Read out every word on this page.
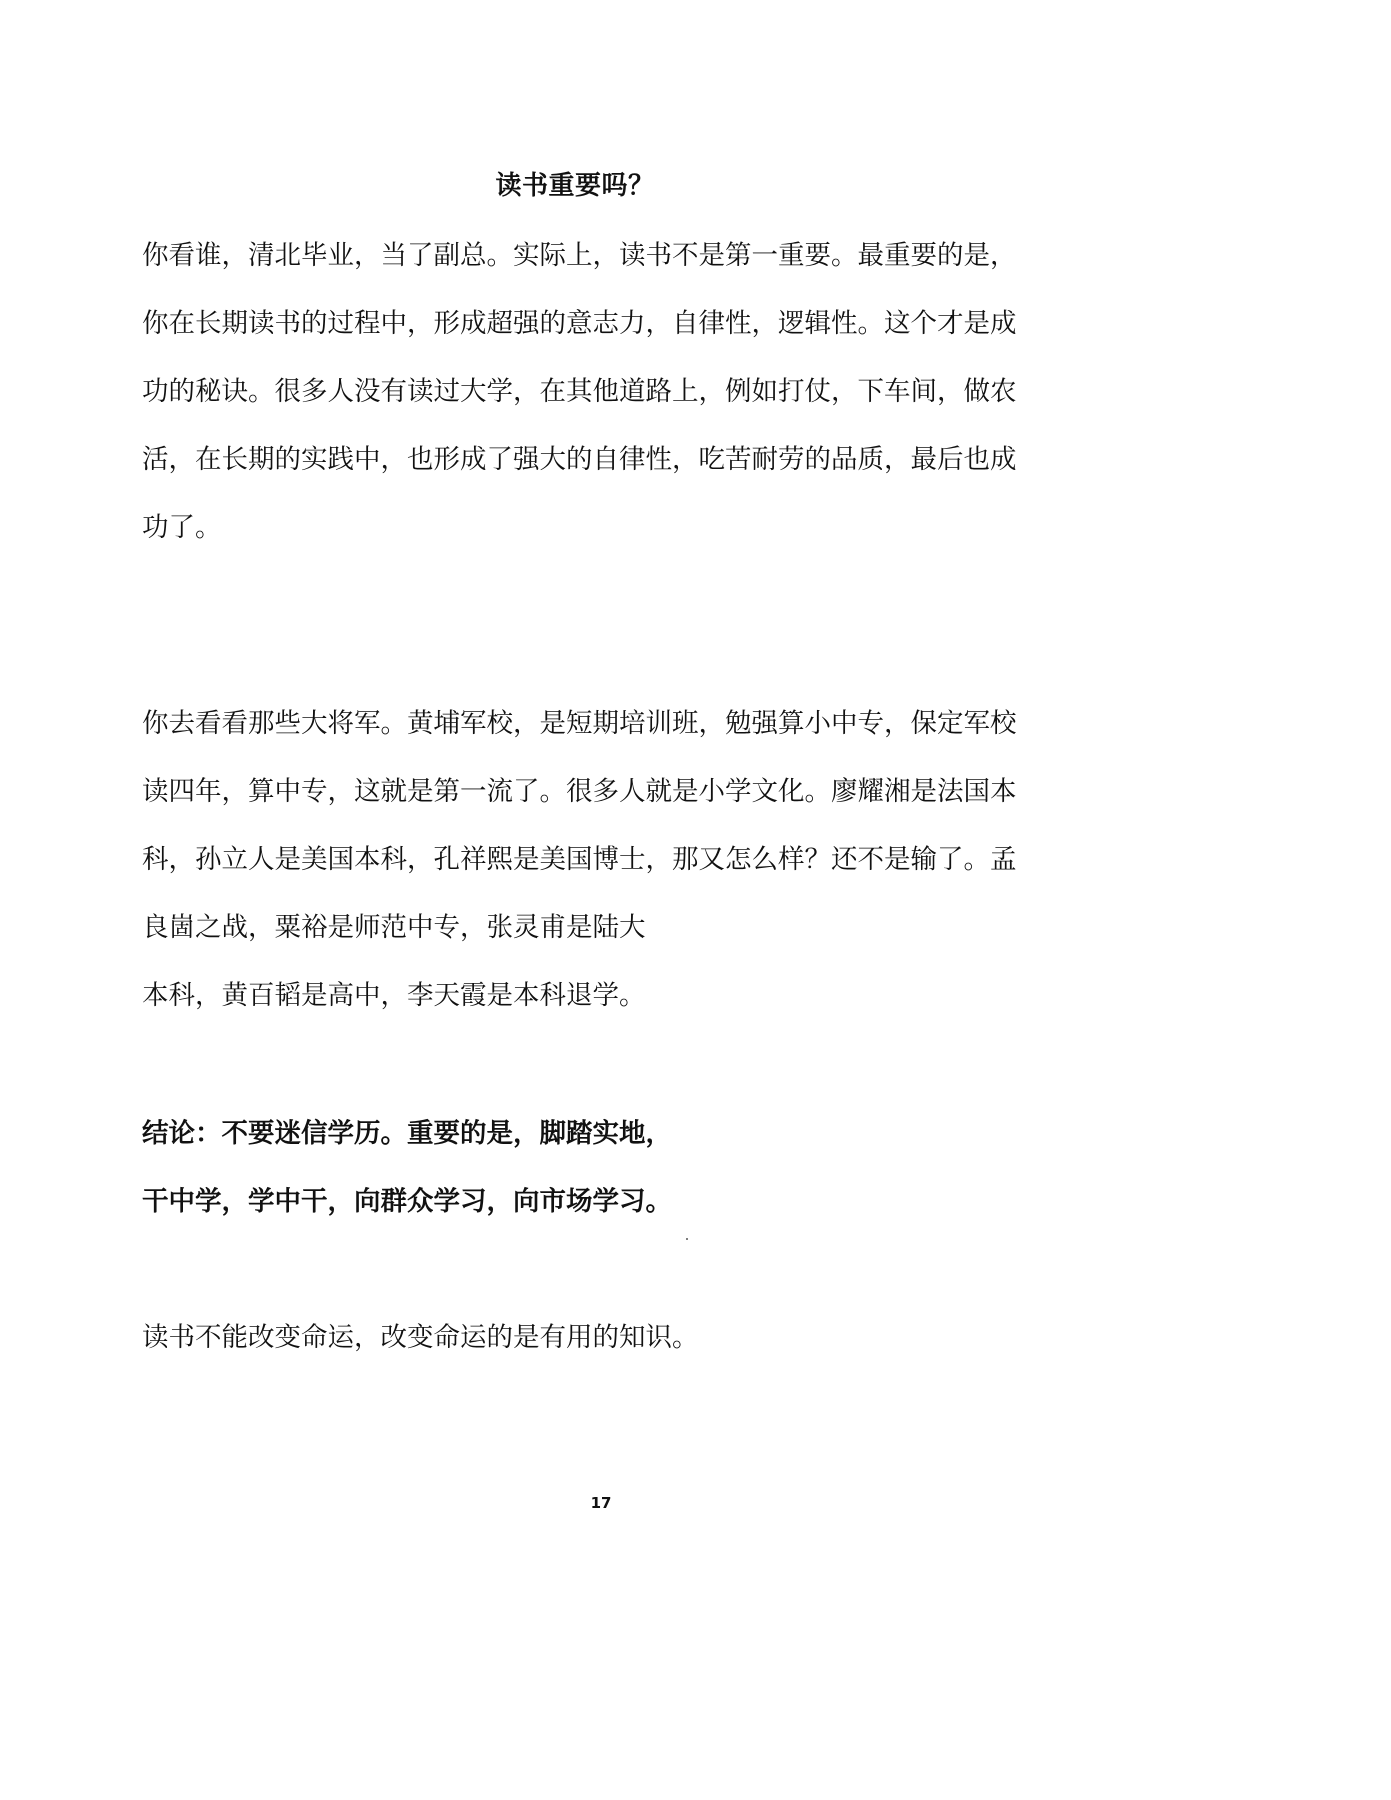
读书重要吗？

你看谁，清北毕业，当了副总。实际上，读书不是第一重要。最重要的是，
你在长期读书的过程中，形成超强的意志力，自律性，逻辑性。这个才是成
功的秘诀。很多人没有读过大学，在其他道路上，例如打仗，下车间，做农
活，在长期的实践中，也形成了强大的自律性，吃苦耐劳的品质，最后也成
功了。

你去看看那些大将军。黄埔军校，是短期培训班，勉强算小中专，保定军校
读四年，算中专，这就是第一流了。很多人就是小学文化。廖耀湘是法国本
科，孙立人是美国本科，孔祥熙是美国博士，那又怎么样？还不是输了。孟
良崮之战，粟裕是师范中专，张灵甫是陆大
本科，黄百韬是高中，李天霞是本科退学。

结论：不要迷信学历。重要的是，脚踏实地，
干中学，学中干，向群众学习，向市场学习。

读书不能改变命运，改变命运的是有用的知识。

17
